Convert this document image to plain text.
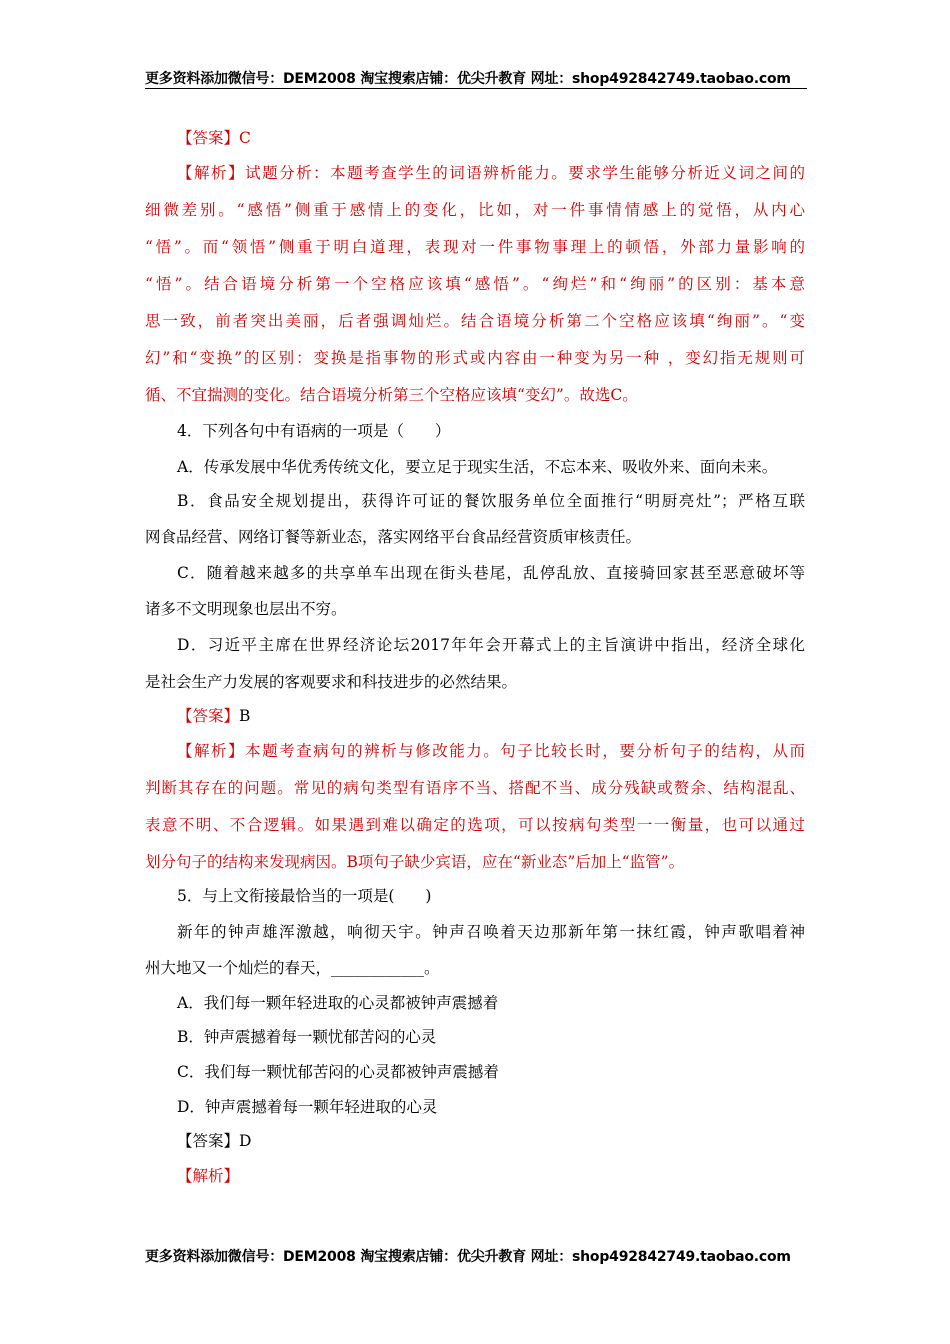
更多资料添加微信号：DEM2008 淘宝搜索店铺：优尖升教育 网址：shop492842749.taobao.com
【答案】C
【解析】试题分析：本题考查学生的词语辨析能力。要求学生能够分析近义词之间的
细微差别。“感悟”侧重于感情上的变化，比如，对一件事情情感上的觉悟，从内心
“悟”。而“领悟”侧重于明白道理，表现对一件事物事理上的顿悟，外部力量影响的
“悟”。结合语境分析第一个空格应该填“感悟”。“绚烂”和“绚丽”的区别：基本意
思一致，前者突出美丽，后者强调灿烂。结合语境分析第二个空格应该填“绚丽”。“变
幻”和“变换”的区别：变换是指事物的形式或内容由一种变为另一种 ，变幻指无规则可
循、不宜揣测的变化。结合语境分析第三个空格应该填“变幻”。故选C。
4．下列各句中有语病的一项是（　　）
A．传承发展中华优秀传统文化，要立足于现实生活，不忘本来、吸收外来、面向未来。
B．食品安全规划提出，获得许可证的餐饮服务单位全面推行“明厨亮灶”；严格互联
网食品经营、网络订餐等新业态，落实网络平台食品经营资质审核责任。
C．随着越来越多的共享单车出现在街头巷尾，乱停乱放、直接骑回家甚至恶意破坏等
诸多不文明现象也层出不穷。
D．习近平主席在世界经济论坛2017年年会开幕式上的主旨演讲中指出，经济全球化
是社会生产力发展的客观要求和科技进步的必然结果。
【答案】B
【解析】本题考查病句的辨析与修改能力。句子比较长时，要分析句子的结构，从而
判断其存在的问题。常见的病句类型有语序不当、搭配不当、成分残缺或赘余、结构混乱、
表意不明、不合逻辑。如果遇到难以确定的选项，可以按病句类型一一衡量，也可以通过
划分句子的结构来发现病因。B项句子缺少宾语，应在“新业态”后加上“监管”。
5．与上文衔接最恰当的一项是(　　)
新年的钟声雄浑激越，响彻天宇。钟声召唤着天边那新年第一抹红霞，钟声歌唱着神
州大地又一个灿烂的春天，____________。
A．我们每一颗年轻进取的心灵都被钟声震撼着
B．钟声震撼着每一颗忧郁苦闷的心灵
C．我们每一颗忧郁苦闷的心灵都被钟声震撼着
D．钟声震撼着每一颗年轻进取的心灵
【答案】D
【解析】
更多资料添加微信号：DEM2008 淘宝搜索店铺：优尖升教育 网址：shop492842749.taobao.com
